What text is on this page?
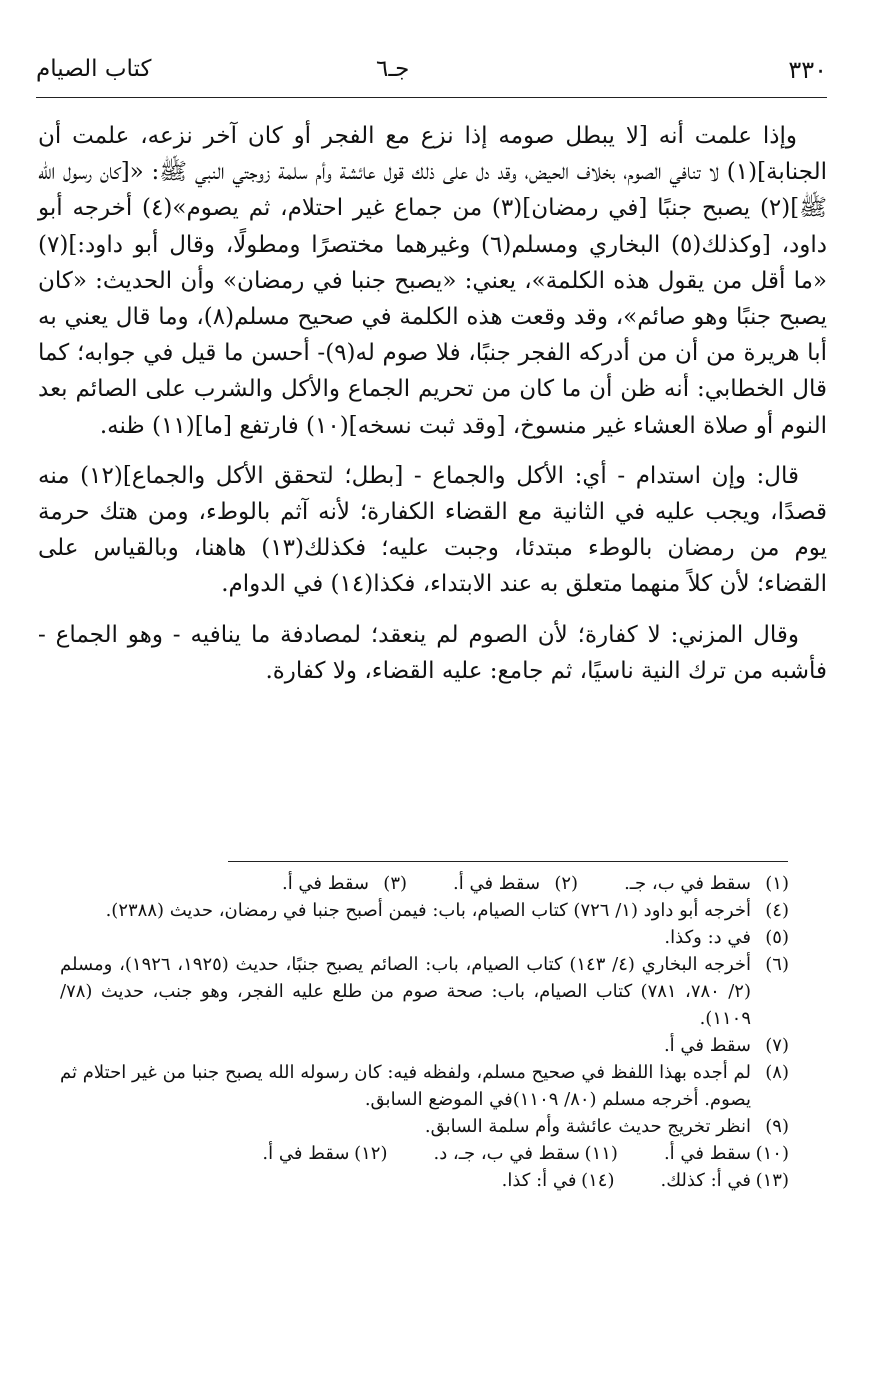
كتاب الصيام	جـ٦	٣٣٠

وإذا علمت أنه [لا يبطل صومه إذا نزع مع الفجر أو كان آخر نزعه، علمت أن الجنابة](١) لا تنافي الصوم، بخلاف الحيض، وقد دل على ذلك قول عائشة وأم سلمة زوجتي النبي ﷺ: «[كان رسول الله ﷺ](٢) يصبح جنبًا [في رمضان](٣) من جماع غير احتلام، ثم يصوم»(٤) أخرجه أبو داود، [وكذلك(٥) البخاري ومسلم(٦) وغيرهما مختصرًا ومطولًا، وقال أبو داود:](٧) «ما أقل من يقول هذه الكلمة»، يعني: «يصبح جنبا في رمضان» وأن الحديث: «كان يصبح جنبًا وهو صائم»، وقد وقعت هذه الكلمة في صحيح مسلم(٨)، وما قال يعني به أبا هريرة من أن من أدركه الفجر جنبًا، فلا صوم له(٩)- أحسن ما قيل في جوابه؛ كما قال الخطابي: أنه ظن أن ما كان من تحريم الجماع والأكل والشرب على الصائم بعد النوم أو صلاة العشاء غير منسوخ، [وقد ثبت نسخه](١٠) فارتفع [ما](١١) ظنه.

قال: وإن استدام - أي: الأكل والجماع - [بطل؛ لتحقق الأكل والجماع](١٢) منه قصدًا، ويجب عليه في الثانية مع القضاء الكفارة؛ لأنه آثم بالوطء، ومن هتك حرمة يوم من رمضان بالوطء مبتدئا، وجبت عليه؛ فكذلك(١٣) هاهنا، وبالقياس على القضاء؛ لأن كلاً منهما متعلق به عند الابتداء، فكذا(١٤) في الدوام.

وقال المزني: لا كفارة؛ لأن الصوم لم ينعقد؛ لمصادفة ما ينافيه - وهو الجماع - فأشبه من ترك النية ناسيًا، ثم جامع: عليه القضاء، ولا كفارة.

(١)
سقط في ب، جـ.
(٢)
سقط في أ.
(٣)
سقط في أ.
(٤)
أخرجه أبو داود (١/ ٧٢٦) كتاب الصيام، باب: فيمن أصبح جنبا في رمضان، حديث (٢٣٨٨).
(٥)
في د: وكذا.
(٦)
أخرجه البخاري (٤/ ١٤٣) كتاب الصيام، باب: الصائم يصبح جنبًا، حديث (١٩٢٥، ١٩٢٦)، ومسلم (٢/ ٧٨٠، ٧٨١) كتاب الصيام، باب: صحة صوم من طلع عليه الفجر، وهو جنب، حديث (٧٨/ ١١٠٩).
(٧)
سقط في أ.
(٨)
لم أجده بهذا اللفظ في صحيح مسلم، ولفظه فيه: كان رسوله الله يصبح جنبا من غير احتلام ثم يصوم. أخرجه مسلم (٨٠/ ١١٠٩)في الموضع السابق.
(٩)
انظر تخريج حديث عائشة وأم سلمة السابق.
(١٠)
سقط في أ.
(١١)
سقط في ب، جـ، د.
(١٢)
سقط في أ.
(١٣)
في أ: كذلك.
(١٤)
في أ: كذا.
